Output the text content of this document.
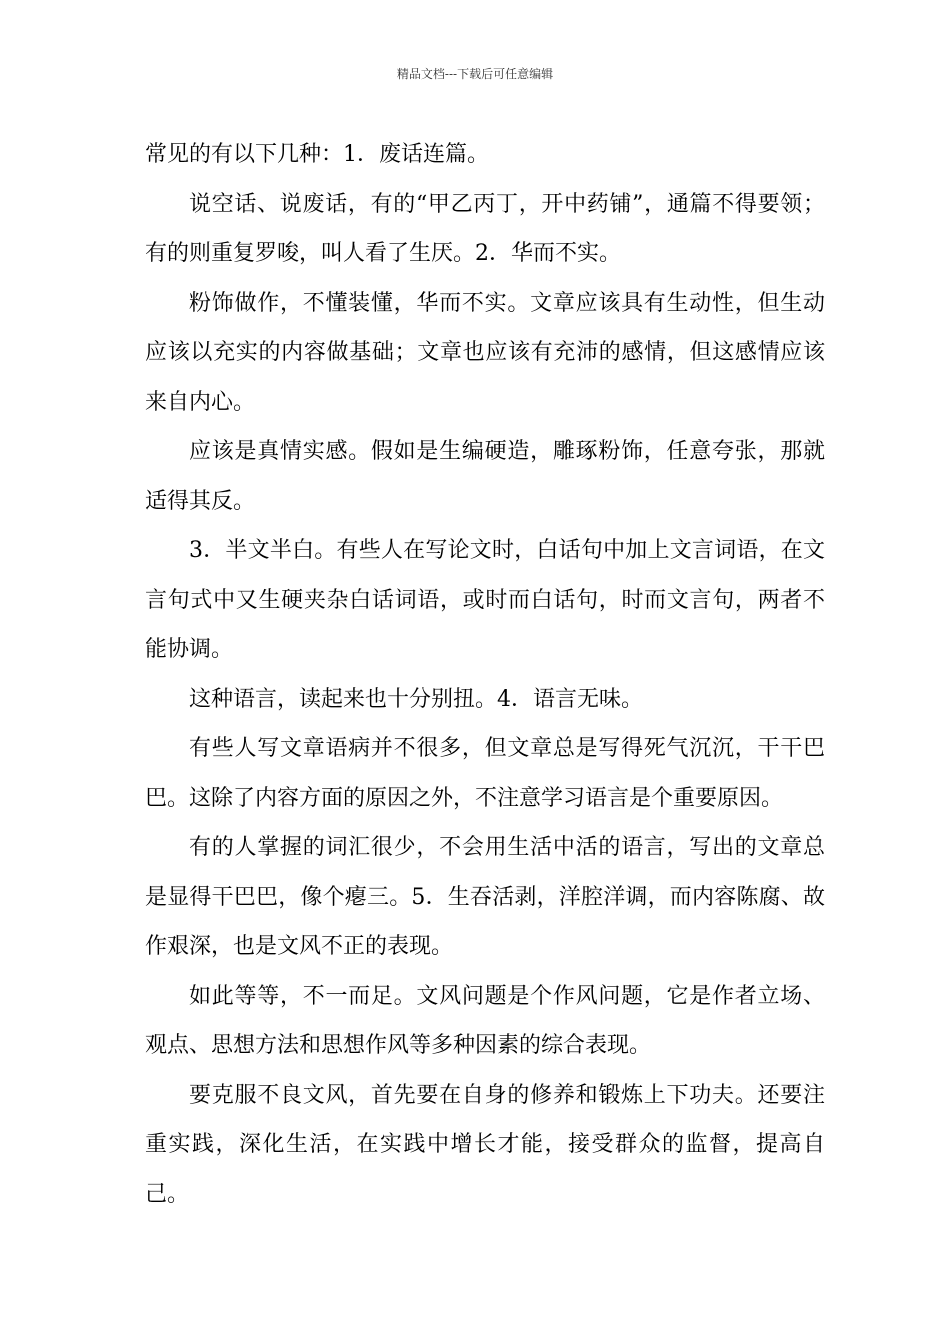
精品文档---下载后可任意编辑

常见的有以下几种：1．废话连篇。

说空话、说废话，有的“甲乙丙丁，开中药铺”，通篇不得要领；有的则重复罗唆，叫人看了生厌。2．华而不实。

粉饰做作，不懂装懂，华而不实。文章应该具有生动性，但生动应该以充实的内容做基础；文章也应该有充沛的感情，但这感情应该来自内心。

应该是真情实感。假如是生编硬造，雕琢粉饰，任意夸张，那就适得其反。

3．半文半白。有些人在写论文时，白话句中加上文言词语，在文言句式中又生硬夹杂白话词语，或时而白话句，时而文言句，两者不能协调。

这种语言，读起来也十分别扭。4．语言无味。

有些人写文章语病并不很多，但文章总是写得死气沉沉，干干巴巴。这除了内容方面的原因之外，不注意学习语言是个重要原因。

有的人掌握的词汇很少，不会用生活中活的语言，写出的文章总是显得干巴巴，像个瘪三。5．生吞活剥，洋腔洋调，而内容陈腐、故作艰深，也是文风不正的表现。

如此等等，不一而足。文风问题是个作风问题，它是作者立场、观点、思想方法和思想作风等多种因素的综合表现。

要克服不良文风，首先要在自身的修养和锻炼上下功夫。还要注重实践，深化生活，在实践中增长才能，接受群众的监督，提高自己。
